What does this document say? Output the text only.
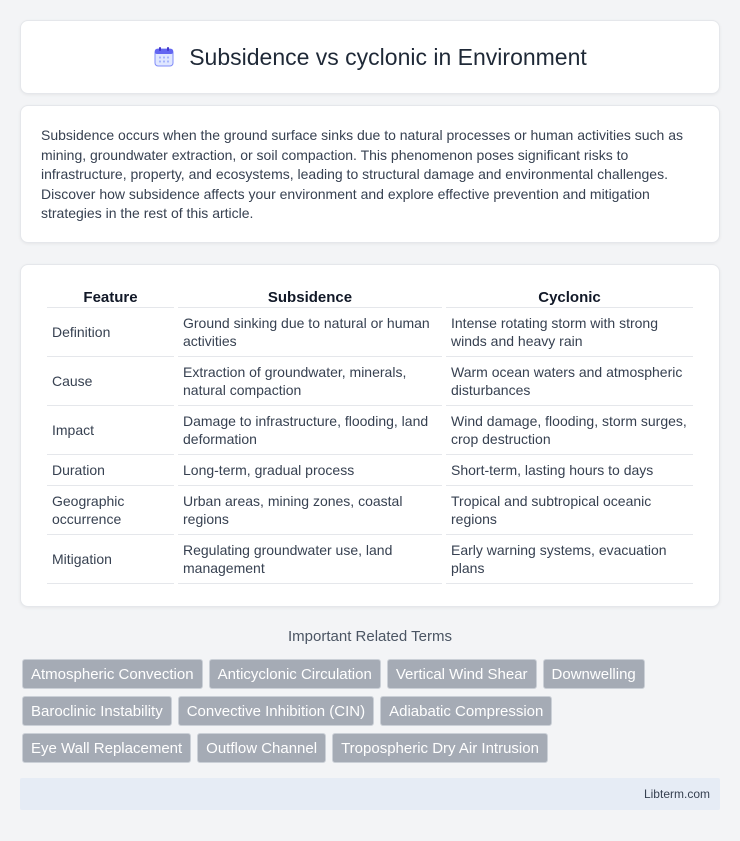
Subsidence vs cyclonic in Environment

Subsidence occurs when the ground surface sinks due to natural processes or human activities such as mining, groundwater extraction, or soil compaction. This phenomenon poses significant risks to infrastructure, property, and ecosystems, leading to structural damage and environmental challenges. Discover how subsidence affects your environment and explore effective prevention and mitigation strategies in the rest of this article.

Feature	Subsidence	Cyclonic
Definition	Ground sinking due to natural or human activities	Intense rotating storm with strong winds and heavy rain
Cause	Extraction of groundwater, minerals, natural compaction	Warm ocean waters and atmospheric disturbances
Impact	Damage to infrastructure, flooding, land deformation	Wind damage, flooding, storm surges, crop destruction
Duration	Long-term, gradual process	Short-term, lasting hours to days
Geographic occurrence	Urban areas, mining zones, coastal regions	Tropical and subtropical oceanic regions
Mitigation	Regulating groundwater use, land management	Early warning systems, evacuation plans
Important Related Terms
Atmospheric Convection	Anticyclonic Circulation	Vertical Wind Shear	Downwelling
Baroclinic Instability	Convective Inhibition (CIN)	Adiabatic Compression
Eye Wall Replacement	Outflow Channel	Tropospheric Dry Air Intrusion
Libterm.com
